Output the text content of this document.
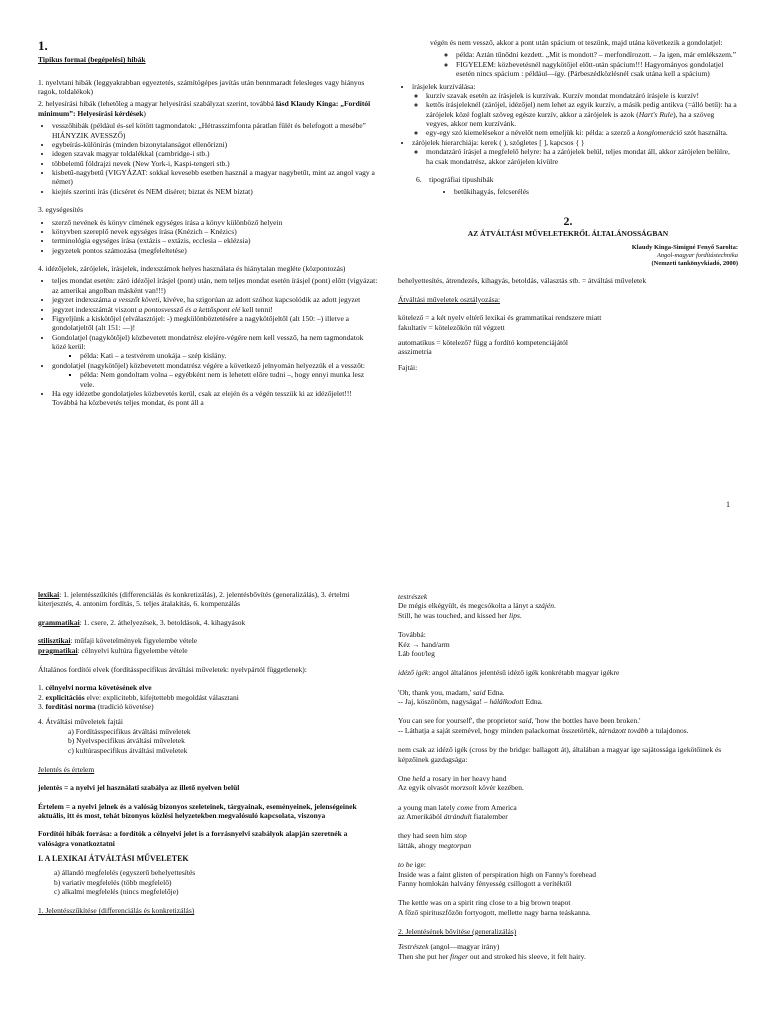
1.

Tipikus formai (begépelési) hibák

1. nyelvtani hibák (leggyakrabban egyeztetés, számítógépes javítás után bennmaradt felesleges vagy hiányos ragok, toldalékok)

2. helyesírási hibák (lehetőleg a magyar helyesírási szabályzat szerint, továbbá lásd Klaudy Kinga: „Fordítói minimum”: Helyesírási kérdések)

• vesszőhibák (például és-sel kötött tagmondatok: „Hétrasszimfonta páratlan fülét és belefogott a mesébe” HIÁNYZIK AVESSZŐ)
• egybeírás-különírás (minden bizonytalanságot ellenőrizni)
• idegen szavak magyar toldalékkal (cambridge-i stb.)
• többelemű földrajzi nevek (New York-i, Kaspi-tengeri stb.)
• kisbetű-nagybetű (VIGYÁZAT: sokkal kevesebb esetben használ a magyar nagybetűt, mint az angol vagy a német)
• kiejtés szerinti írás (dicséret és NEM díséret; biztat és NEM bíztat)

3. egységesítés

• szerző nevének és könyv címének egységes írása a könyv különböző helyein
• könyvben szereplő nevek egységes írása (Knézich – Knézics)
• terminológia egységes írása (extázis – extázis, ecclesia – eklézsia)
• jegyzetek pontos számozása (megfeleltetése)

4. idézőjelek, zárójelek, írásjelek, indexszámok helyes használata és hiánytalan megléte (központozás)

• teljes mondat esetén: záró idézőjel írásjel (pont) után, nem teljes mondat esetén írásjel (pont) előtt (vigyázat: az amerikai angolban másként van!!!)
• jegyzet indexszáma a vesszőt követi, kivéve, ha szigorúan az adott szóhoz kapcsolódik az adott jegyzet
• jegyzet indexszámát viszont a pontosvessző és a kettőspont elé kell tenni!
• Figyeljünk a kiskötőjel (elválasztójel: -) megkülönböztetésére a nagykötőjeltől (alt 150: –) illetve a gondolatjeltől (alt 151: —)!
• Gondolatjel (nagykötőjel) közbevetett mondatrész elejére-végére nem kell vessző, ha nem tagmondatok közé kerül:
▪ példa: Kati – a testvérem unokája – szép kislány.
• gondolatjel (nagykötőjel) közbevetett mondatrész végére a következő jelnyomán helyezzük el a vesszőt:
▪ példa: Nem gondoltam volna – egyébként nem is lehetett előre tudni –, hogy ennyi munka lesz vele.
• Ha egy idézetbe gondolatjeles közbevetés kerül, csak az elején és a végén tesszük ki az idézőjelet!!! Továbbá ha közbevetés teljes mondat, és pont áll a

végén és nem vessző, akkor a pont után spácium ot teszünk, majd utána következik a gondolatjel:

◦ példa: Aztán tűnődni kezdett. „Mit is mondott? – merfondírozott. – Ja igen, már emlékszem.”
◦ FIGYELEM: közbevetésnél nagykötőjel előtt-után spácium!!! Hagyományos gondolatjel esetén nincs spácium : például—így. (Párbeszédközlésnél csak utána kell a spácium)
• írásjelek kurzíválása:
◦ kurzív szavak esetén az írásjelek is kurzívak. Kurzív mondat mondatzáró írásjele is kurzív!
◦ kettős írásjeleknél (zárójel, idézőjel) nem lehet az egyik kurzív, a másik pedig antikva (=álló betű): ha a zárójelek közé foglalt szöveg egésze kurzív, akkor a zárójelek is azok (Hart's Rule), ha a szöveg vegyes, akkor nem kurzívánk.
◦ egy-egy szó kiemelésekor a névelőt nem emeljük ki: példa: a szerző a konglomeráció szót használta.
• zárójelek hierarchiája: kerek ( ), szögletes [ ], kapcsos { }
◦ mondatzáró írásjel a megfelelő helyre: ha a zárójelek belül, teljes mondat áll, akkor zárójelen belülre, ha csak mondatrész, akkor zárójelen kívülre

6. tipográfiai típushibák

• betűkihagyás, felcserélés
2.
AZ ÁTVÁLTÁSI MŰVELETEKRŐL ÁLTALÁNOSSÁGBAN
Klaudy Kinga-Simigné Fenyő Sarolta:
Angol-magyar fordítástechnika
(Nemzeti tankönyvkiadó, 2000)

behelyettesítés, átrendezés, kihagyás, betoldás, választás stb. = átváltási műveletek

Átváltási műveletek osztályozása:

kötelező = a két nyelv eltérő lexikai és grammatikai rendszere miatt
fakultatív = kötelezőkön túl végzett
automatikus = kötelező? függ a fordító kompetenciájától
asszimetria
Fajtái:
1

lexikai: 1. jelentésszűkítés (differenciálás és konkretizálás), 2. jelentésbővítés (generalizálás), 3. értelmi kiterjesztés, 4. antonim fordítás, 5. teljes átalakítás, 6. kompenzálás

grammatikai: 1. csere, 2. áthelyezések, 3. betoldások, 4. kihagyások

stilisztikai: műfaji követelmények figyelembe vétele
pragmatikai: célnyelvi kultúra figyelembe vétele

Általános fordítói elvek (fordításspecifikus átváltási műveletek: nyelvpártól függetlenek):

1. célnyelvi norma követésének elve
2. explicitációs elve: explicitebb, kifejtettebb megoldást választani
3. fordítási norma (tradíció követése)
4. Átváltási műveletek fajtái
a) Fordításspecifikus átváltási műveletek
b) Nyelvspecifikus átváltási műveletek
c) kultúraspecifikus átváltási műveletek

Jelentés és értelem

jelentés = a nyelvi jel használati szabálya az illető nyelven belül

Értelem = a nyelvi jelnek és a valóság bizonyos szeleteinek, tárgyainak, eseményeinek, jelenségeinek aktuális, itt és most, tehát bizonyos közlési helyzetekben megvalósuló kapcsolata, viszonya

Fordítói hibák forrása: a fordítók a célnyelvi jelet is a forrásnyelvi szabályok alapján szeretnék a valóságra vonatkoztatni

I. A LEXIKAI ÁTVÁLTÁSI MŰVELETEK
a) állandó megfelelés (egyszerű behelyettesítés
b) variatív megfelelés (több megfelelő)
c) alkalmi megfelelés (nincs megfelelője)
1. Jelentésszűkítése (differenciálás és konkretizálás)
testrészek
De mégis elkégyült, és megcsókolta a lányt a szájén.
Still, he was touched, and kissed her lips.
Továbbá:
Kéz → hand/arm
Láb foot/leg
idéző igék: angol általános jelentésű idéző igék konkrétabb magyar igékre
'Oh, thank you, madam,' said Edna.
-- Jaj, köszönöm, nagysága! – hálálkodott Edna.
You can see for yourself', the proprietor said, 'how the bottles have been broken.'
-- Láthatja a saját szemével, hogy minden palackomat összetörték, tárnázott tovább a tulajdonos.
nem csak az idéző igék (cross by the bridge: ballagott át), általában a magyar ige sajátossága igekötőinek és képzőinek gazdagsága:
One held a rosary in her heavy hand
Az egyik olvasót morzsolt kövér kezében.
a young man lately come from America
az Amerikából átrándult fiatalember
they had seen him stop
látták, ahogy megtorpan
to be ige:
Inside was a faint glisten of perspiration high on Fanny's forehead
Fanny homlokán halvány fényesség csillogott a verítéktől
The kettle was on a spirit ring close to a big brown teapot
A főző spirituszfőzőn fortyogott, mellette nagy barna teáskanna.
2. Jelentésének bővítése (generalizálás)
Testrészek (angol—magyar irány)
Then she put her finger out and stroked his sleeve, it felt hairy.
